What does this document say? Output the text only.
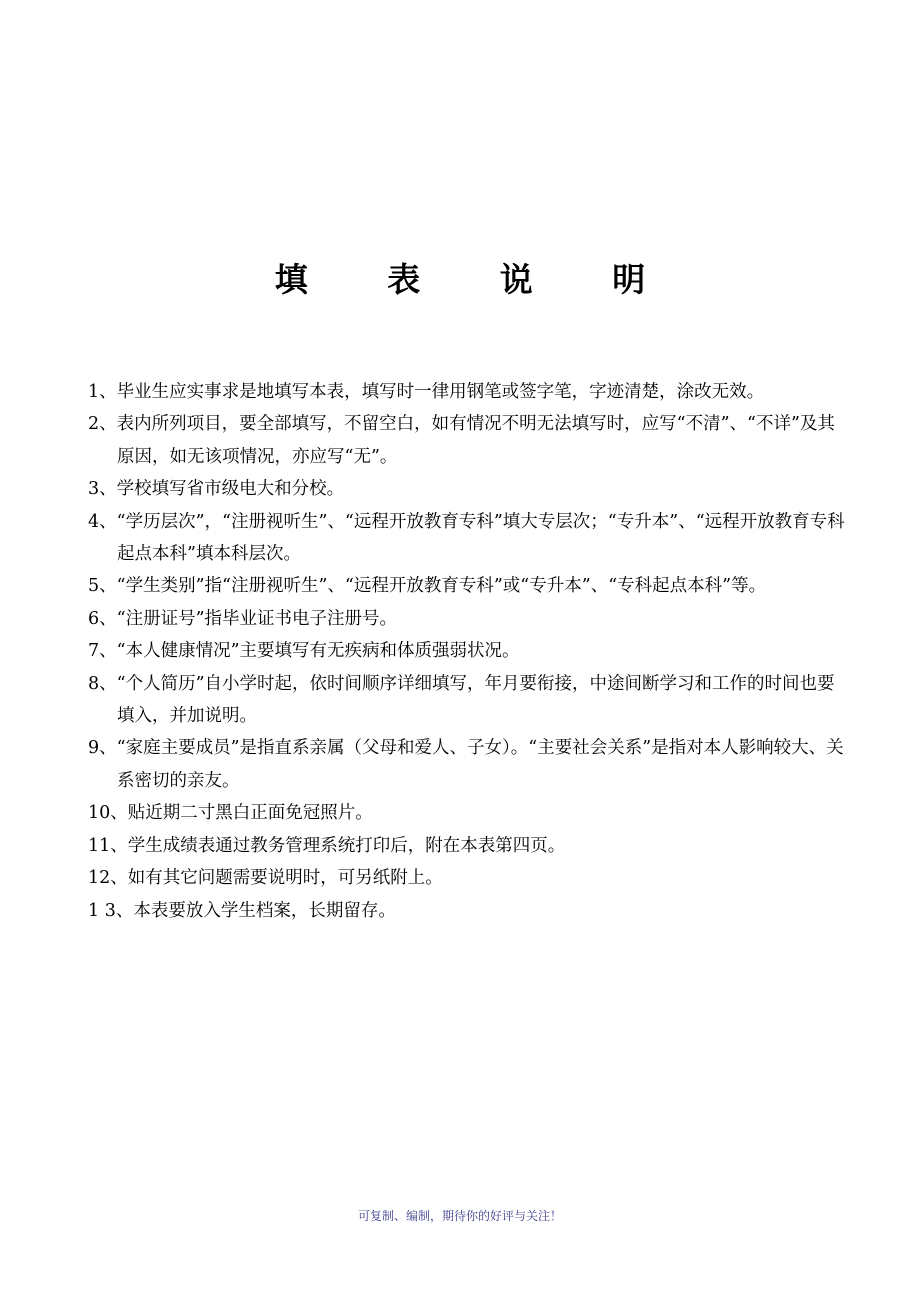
填 表 说 明
1、毕业生应实事求是地填写本表，填写时一律用钢笔或签字笔，字迹清楚，涂改无效。
2、表内所列项目，要全部填写，不留空白，如有情况不明无法填写时，应写“不清”、“不详”及其原因，如无该项情况，亦应写“无”。
3、学校填写省市级电大和分校。
4、“学历层次”，“注册视听生”、“远程开放教育专科”填大专层次；“专升本”、“远程开放教育专科起点本科”填本科层次。
5、“学生类别”指“注册视听生”、“远程开放教育专科”或“专升本”、“专科起点本科”等。
6、“注册证号”指毕业证书电子注册号。
7、“本人健康情况”主要填写有无疾病和体质强弱状况。
8、“个人简历”自小学时起，依时间顺序详细填写，年月要衔接，中途间断学习和工作的时间也要填入，并加说明。
9、“家庭主要成员”是指直系亲属（父母和爱人、子女）。“主要社会关系”是指对本人影响较大、关系密切的亲友。
10、贴近期二寸黑白正面免冠照片。
11、学生成绩表通过教务管理系统打印后，附在本表第四页。
12、如有其它问题需要说明时，可另纸附上。
1 3、本表要放入学生档案，长期留存。
可复制、编制，期待你的好评与关注！
